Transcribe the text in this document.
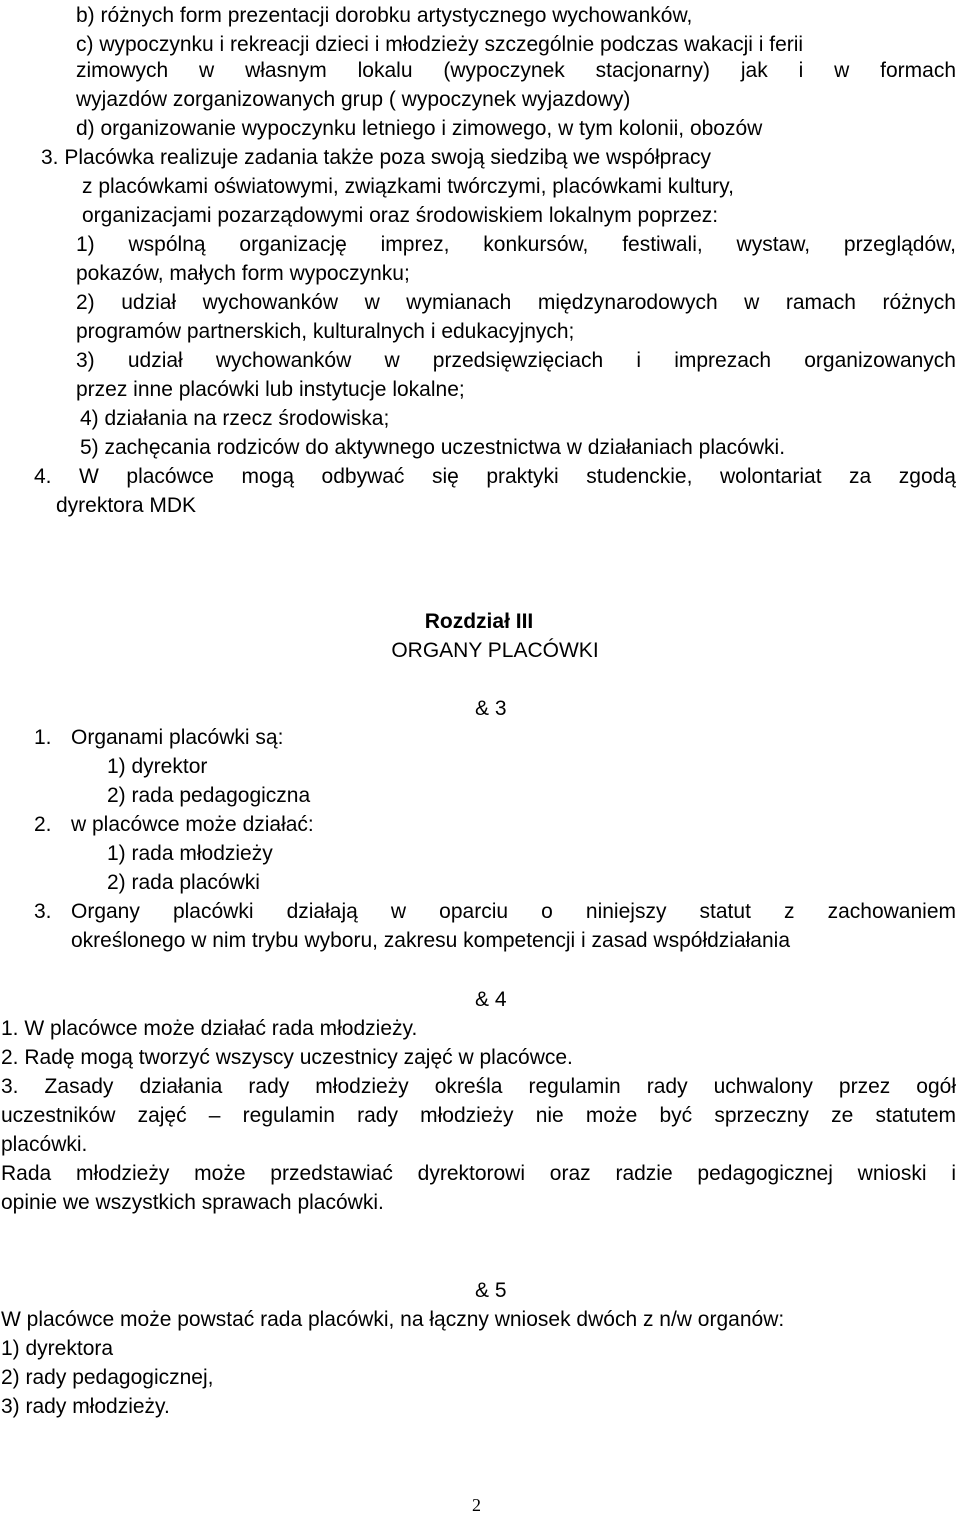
b) różnych form prezentacji dorobku artystycznego wychowanków,
c) wypoczynku i rekreacji dzieci i młodzieży szczególnie podczas wakacji i ferii
zimowych w własnym lokalu (wypoczynek stacjonarny) jak i w formach
wyjazdów zorganizowanych grup ( wypoczynek wyjazdowy)
d) organizowanie wypoczynku letniego i zimowego, w tym kolonii, obozów
3. Placówka realizuje zadania także poza swoją siedzibą we współpracy
z placówkami oświatowymi, związkami twórczymi, placówkami kultury,
organizacjami pozarządowymi oraz środowiskiem lokalnym poprzez:
1) wspólną organizację imprez, konkursów, festiwali, wystaw, przeglądów,
pokazów, małych form wypoczynku;
2) udział wychowanków w wymianach międzynarodowych w ramach różnych
programów partnerskich, kulturalnych i edukacyjnych;
3) udział wychowanków w przedsięwzięciach i imprezach organizowanych
przez inne placówki lub instytucje lokalne;
4) działania na rzecz środowiska;
5) zachęcania rodziców do aktywnego uczestnictwa w działaniach placówki.
4. W placówce mogą odbywać się praktyki studenckie, wolontariat za zgodą
dyrektora MDK
Rozdział III
ORGANY PLACÓWKI
& 3
1. Organami placówki są:
1) dyrektor
2) rada pedagogiczna
2. w placówce może działać:
1) rada młodzieży
2) rada placówki
3. Organy placówki działają w oparciu o niniejszy statut z zachowaniem
określonego w nim trybu wyboru, zakresu kompetencji i zasad współdziałania
& 4
1. W placówce może działać rada młodzieży.
2. Radę mogą tworzyć wszyscy uczestnicy zajęć w placówce.
3. Zasady działania rady młodzieży określa regulamin rady uchwalony przez ogół
uczestników zajęć – regulamin rady młodzieży nie może być sprzeczny ze statutem
placówki.
Rada młodzieży może przedstawiać dyrektorowi oraz radzie pedagogicznej wnioski i
opinie we wszystkich sprawach placówki.
& 5
W placówce może powstać rada placówki, na łączny wniosek dwóch z n/w organów:
1) dyrektora
2) rady pedagogicznej,
3) rady młodzieży.
2
